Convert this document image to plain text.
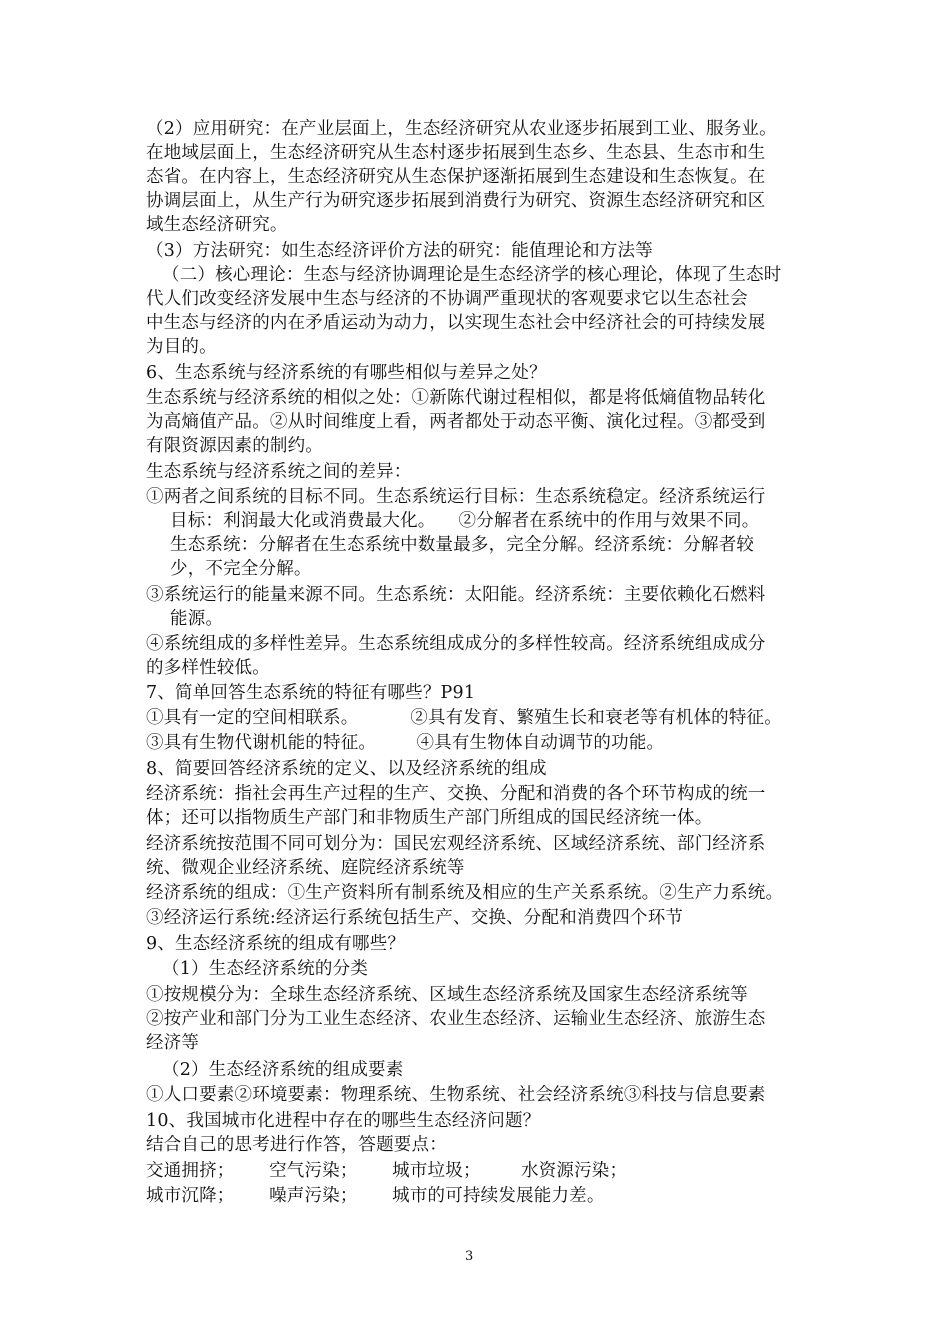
（2）应用研究：在产业层面上，生态经济研究从农业逐步拓展到工业、服务业。
在地域层面上，生态经济研究从生态村逐步拓展到生态乡、生态县、生态市和生
态省。在内容上，生态经济研究从生态保护逐渐拓展到生态建设和生态恢复。在
协调层面上，从生产行为研究逐步拓展到消费行为研究、资源生态经济研究和区
域生态经济研究。
（3）方法研究：如生态经济评价方法的研究：能值理论和方法等
（二）核心理论：生态与经济协调理论是生态经济学的核心理论，体现了生态时
代人们改变经济发展中生态与经济的不协调严重现状的客观要求它以生态社会
中生态与经济的内在矛盾运动为动力，以实现生态社会中经济社会的可持续发展
为目的。
6、生态系统与经济系统的有哪些相似与差异之处？
生态系统与经济系统的相似之处：①新陈代谢过程相似，都是将低熵值物品转化
为高熵值产品。②从时间维度上看，两者都处于动态平衡、演化过程。③都受到
有限资源因素的制约。
生态系统与经济系统之间的差异：
①两者之间系统的目标不同。生态系统运行目标：生态系统稳定。经济系统运行
目标：利润最大化或消费最大化。    ②分解者在系统中的作用与效果不同。
生态系统：分解者在生态系统中数量最多，完全分解。经济系统：分解者较
少，不完全分解。
③系统运行的能量来源不同。生态系统：太阳能。经济系统：主要依赖化石燃料
能源。
④系统组成的多样性差异。生态系统组成成分的多样性较高。经济系统组成成分
的多样性较低。
7、简单回答生态系统的特征有哪些？P91
①具有一定的空间相联系。         ②具有发育、繁殖生长和衰老等有机体的特征。
③具有生物代谢机能的特征。       ④具有生物体自动调节的功能。
8、简要回答经济系统的定义、以及经济系统的组成
经济系统：指社会再生产过程的生产、交换、分配和消费的各个环节构成的统一
体；还可以指物质生产部门和非物质生产部门所组成的国民经济统一体。
经济系统按范围不同可划分为：国民宏观经济系统、区域经济系统、部门经济系
统、微观企业经济系统、庭院经济系统等
经济系统的组成：①生产资料所有制系统及相应的生产关系系统。②生产力系统。
③经济运行系统:经济运行系统包括生产、交换、分配和消费四个环节
9、生态经济系统的组成有哪些？
（1）生态经济系统的分类
①按规模分为：全球生态经济系统、区域生态经济系统及国家生态经济系统等
②按产业和部门分为工业生态经济、农业生态经济、运输业生态经济、旅游生态
经济等
（2）生态经济系统的组成要素
①人口要素②环境要素：物理系统、生物系统、社会经济系统③科技与信息要素
10、我国城市化进程中存在的哪些生态经济问题？
结合自己的思考进行作答，答题要点：
交通拥挤；      空气污染；      城市垃圾；       水资源污染；
城市沉降；      噪声污染；      城市的可持续发展能力差。
3
